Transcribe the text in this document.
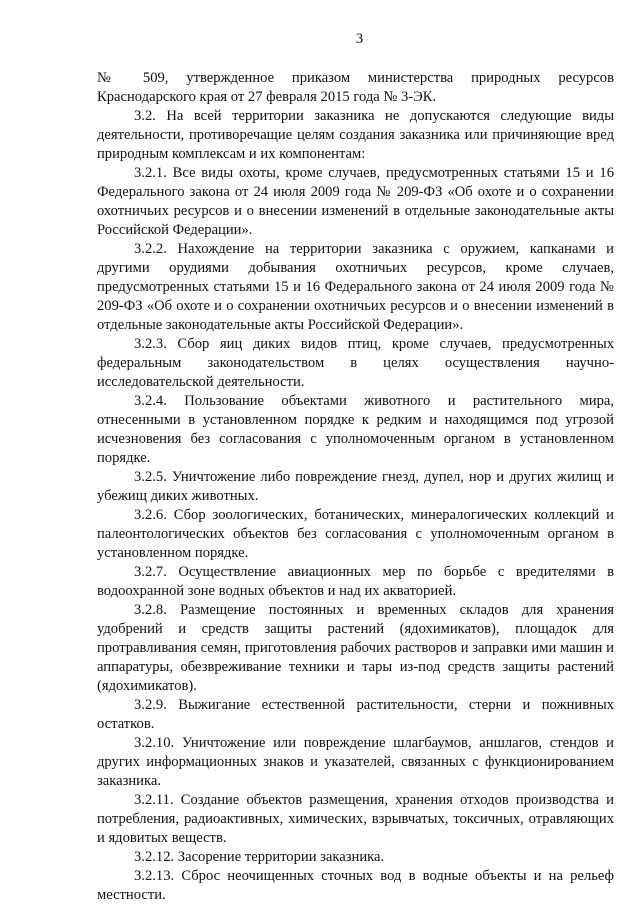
3

№ 509, утвержденное приказом министерства природных ресурсов Краснодарского края от 27 февраля 2015 года № 3-ЭК.

3.2. На всей территории заказника не допускаются следующие виды деятельности, противоречащие целям создания заказника или причиняющие вред природным комплексам и их компонентам:

3.2.1. Все виды охоты, кроме случаев, предусмотренных статьями 15 и 16 Федерального закона от 24 июля 2009 года № 209-ФЗ «Об охоте и о сохранении охотничьих ресурсов и о внесении изменений в отдельные законодательные акты Российской Федерации».

3.2.2. Нахождение на территории заказника с оружием, капканами и другими орудиями добывания охотничьих ресурсов, кроме случаев, предусмотренных статьями 15 и 16 Федерального закона от 24 июля 2009 года № 209-ФЗ «Об охоте и о сохранении охотничьих ресурсов и о внесении изменений в отдельные законодательные акты Российской Федерации».

3.2.3. Сбор яиц диких видов птиц, кроме случаев, предусмотренных федеральным законодательством в целях осуществления научно-исследовательской деятельности.

3.2.4. Пользование объектами животного и растительного мира, отнесенными в установленном порядке к редким и находящимся под угрозой исчезновения без согласования с уполномоченным органом в установленном порядке.

3.2.5. Уничтожение либо повреждение гнезд, дупел, нор и других жилищ и убежищ диких животных.

3.2.6. Сбор зоологических, ботанических, минералогических коллекций и палеонтологических объектов без согласования с уполномоченным органом в установленном порядке.

3.2.7. Осуществление авиационных мер по борьбе с вредителями в водоохранной зоне водных объектов и над их акваторией.

3.2.8. Размещение постоянных и временных складов для хранения удобрений и средств защиты растений (ядохимикатов), площадок для протравливания семян, приготовления рабочих растворов и заправки ими машин и аппаратуры, обезвреживание техники и тары из-под средств защиты растений (ядохимикатов).

3.2.9. Выжигание естественной растительности, стерни и пожнивных остатков.

3.2.10. Уничтожение или повреждение шлагбаумов, аншлагов, стендов и других информационных знаков и указателей, связанных с функционированием заказника.

3.2.11. Создание объектов размещения, хранения отходов производства и потребления, радиоактивных, химических, взрывчатых, токсичных, отравляющих и ядовитых веществ.

3.2.12. Засорение территории заказника.

3.2.13. Сброс неочищенных сточных вод в водные объекты и на рельеф местности.
